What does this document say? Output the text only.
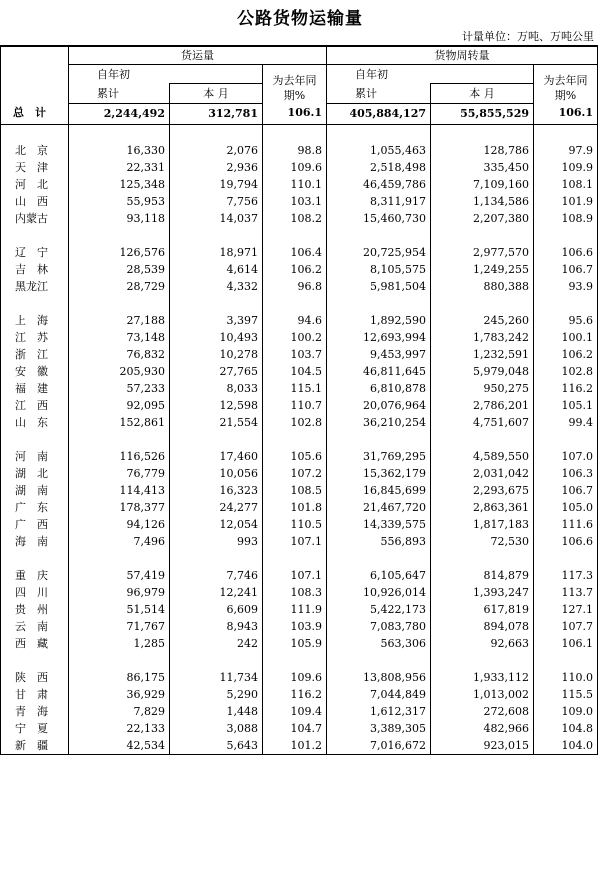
公路货物运输量
计量单位：万吨、万吨公里
	货运量			货物周转量		
	自年初		为去年同期%	自年初		为去年同期%
	累计	本 月		累计	本 月	
总　计	2,244,492	312,781	106.1	405,884,127	55,855,529	106.1

北　京	16,330	2,076	98.8	1,055,463	128,786	97.9
天　津	22,331	2,936	109.6	2,518,498	335,450	109.9
河　北	125,348	19,794	110.1	46,459,786	7,109,160	108.1
山　西	55,953	7,756	103.1	8,311,917	1,134,586	101.9
内蒙古	93,118	14,037	108.2	15,460,730	2,207,380	108.9

辽　宁	126,576	18,971	106.4	20,725,954	2,977,570	106.6
吉　林	28,539	4,614	106.2	8,105,575	1,249,255	106.7
黑龙江	28,729	4,332	96.8	5,981,504	880,388	93.9

上　海	27,188	3,397	94.6	1,892,590	245,260	95.6
江　苏	73,148	10,493	100.2	12,693,994	1,783,242	100.1
浙　江	76,832	10,278	103.7	9,453,997	1,232,591	106.2
安　徽	205,930	27,765	104.5	46,811,645	5,979,048	102.8
福　建	57,233	8,033	115.1	6,810,878	950,275	116.2
江　西	92,095	12,598	110.7	20,076,964	2,786,201	105.1
山　东	152,861	21,554	102.8	36,210,254	4,751,607	99.4

河　南	116,526	17,460	105.6	31,769,295	4,589,550	107.0
湖　北	76,779	10,056	107.2	15,362,179	2,031,042	106.3
湖　南	114,413	16,323	108.5	16,845,699	2,293,675	106.7
广　东	178,377	24,277	101.8	21,467,720	2,863,361	105.0
广　西	94,126	12,054	110.5	14,339,575	1,817,183	111.6
海　南	7,496	993	107.1	556,893	72,530	106.6

重　庆	57,419	7,746	107.1	6,105,647	814,879	117.3
四　川	96,979	12,241	108.3	10,926,014	1,393,247	113.7
贵　州	51,514	6,609	111.9	5,422,173	617,819	127.1
云　南	71,767	8,943	103.9	7,083,780	894,078	107.7
西　藏	1,285	242	105.9	563,306	92,663	106.1

陕　西	86,175	11,734	109.6	13,808,956	1,933,112	110.0
甘　肃	36,929	5,290	116.2	7,044,849	1,013,002	115.5
青　海	7,829	1,448	109.4	1,612,317	272,608	109.0
宁　夏	22,133	3,088	104.7	3,389,305	482,966	104.8
新　疆	42,534	5,643	101.2	7,016,672	923,015	104.0
